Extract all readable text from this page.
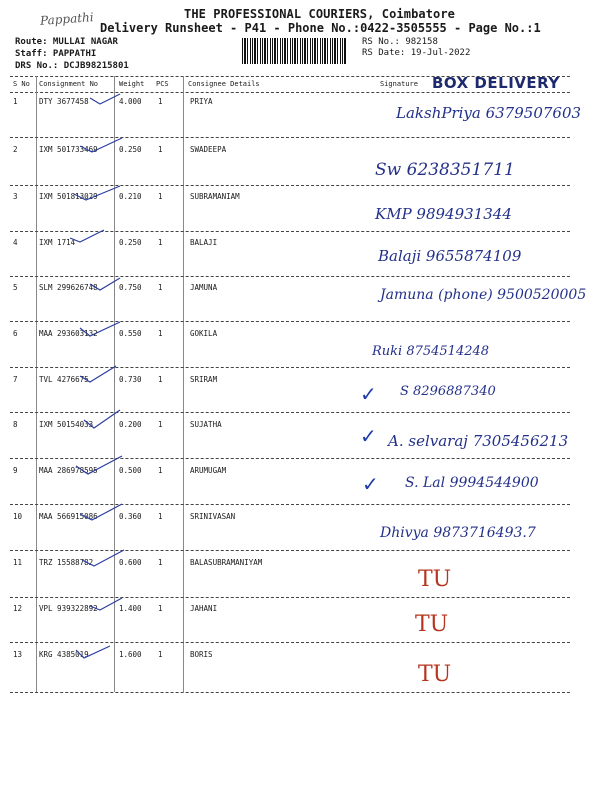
Pappathi	THE PROFESSIONAL COURIERS, Coimbatore
Delivery Runsheet - P41 - Phone No.:0422-3505555 - Page No.:1
Route: MULLAI NAGAR
Staff: PAPPATHI
DRS No.: DCJB98215801
RS No.: 982158
RS Date: 19-Jul-2022
S No Consignment No	Weight PCS	Consignee Details	Signature BOX DELIVERY
1	DTY 3677458	4.000 1	PRIYA
LakshPriya 6379507603
2	IXM 501733469	0.250 1	SWADEEPA
Sw 6238351711
3	IXM 501813029	0.210 1	SUBRAMANIAM
KMP 9894931344
4	IXM 1714	0.250 1	BALAJI
Balaji 9655874109
5	SLM 299626748	0.750 1	JAMUNA	Jamuna (phone) 9500520005
6	MAA 293603132	0.550 1	GOKILA
Ruki 8754514248
7	TVL 4276675	0.730 1	SRIRAM
✓ S 8296887340
8	IXM 50154033	0.200 1	SUJATHA	✓ A. selvaraj 7305456213
9	MAA 286978595	0.500 1	ARUMUGAM
✓ S. Lal 9994544900
10 MAA 566915086	0.360 1	SRINIVASAN
Dhivya 9873716493.7
11 TRZ 15588782	0.600 1	BALASUBRAMANIYAM
TU
12 VPL 939322892	1.400 1	JAHANI
TU
13 KRG 4385019	1.600 1	BORIS
TU
